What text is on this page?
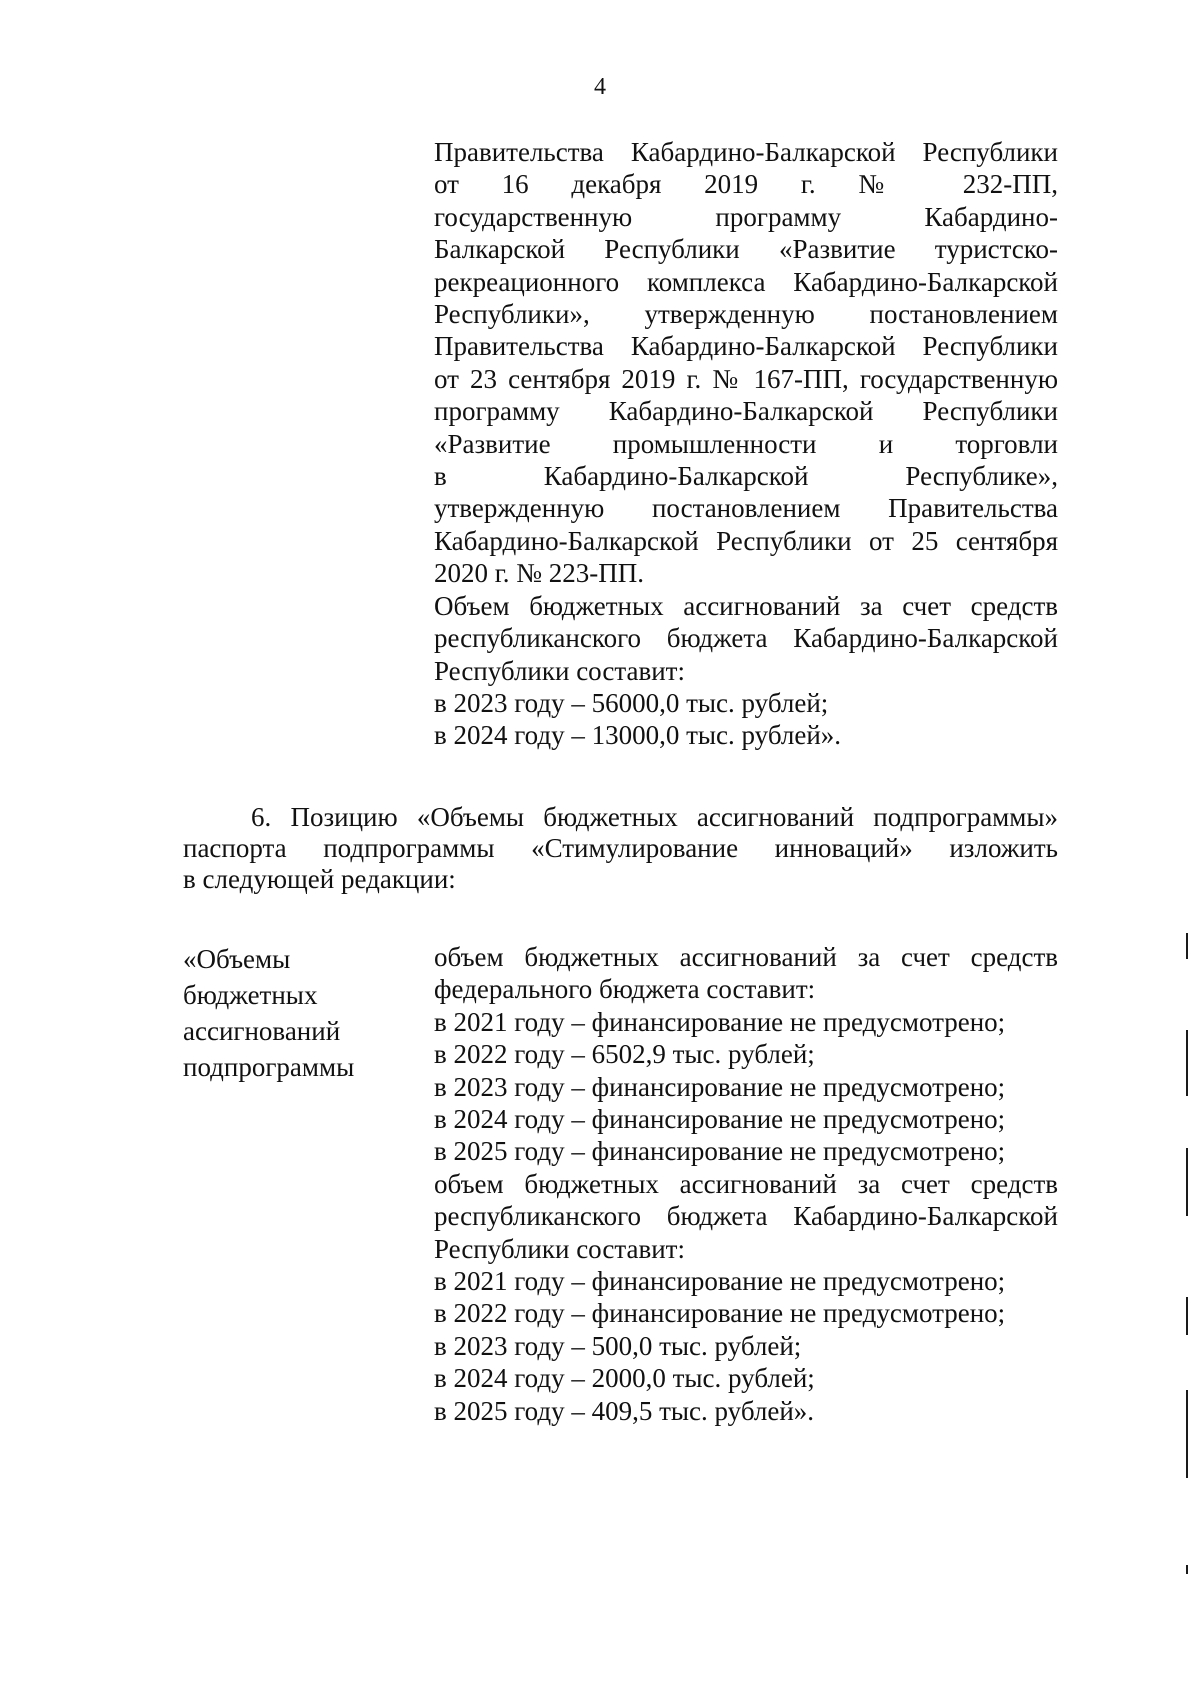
4
Правительства Кабардино-Балкарской Республики
от 16 декабря 2019 г. № 232-ПП,
государственную программу Кабардино-
Балкарской Республики «Развитие туристско-
рекреационного комплекса Кабардино-Балкарской
Республики», утвержденную постановлением
Правительства Кабардино-Балкарской Республики
от 23 сентября 2019 г. № 167-ПП, государственную
программу Кабардино-Балкарской Республики
«Развитие промышленности и торговли
в Кабардино-Балкарской Республике»,
утвержденную постановлением Правительства
Кабардино-Балкарской Республики от 25 сентября
2020 г. № 223-ПП.
Объем бюджетных ассигнований за счет средств
республиканского бюджета Кабардино-Балкарской
Республики составит:
в 2023 году – 56000,0 тыс. рублей;
в 2024 году – 13000,0 тыс. рублей».
6. Позицию «Объемы бюджетных ассигнований подпрограммы»
паспорта подпрограммы «Стимулирование инноваций» изложить
в следующей редакции:
«Объемы
бюджетных
ассигнований
подпрограммы
объем бюджетных ассигнований за счет средств
федерального бюджета составит:
в 2021 году – финансирование не предусмотрено;
в 2022 году – 6502,9 тыс. рублей;
в 2023 году – финансирование не предусмотрено;
в 2024 году – финансирование не предусмотрено;
в 2025 году – финансирование не предусмотрено;
объем бюджетных ассигнований за счет средств
республиканского бюджета Кабардино-Балкарской
Республики составит:
в 2021 году – финансирование не предусмотрено;
в 2022 году – финансирование не предусмотрено;
в 2023 году – 500,0 тыс. рублей;
в 2024 году – 2000,0 тыс. рублей;
в 2025 году – 409,5 тыс. рублей».
